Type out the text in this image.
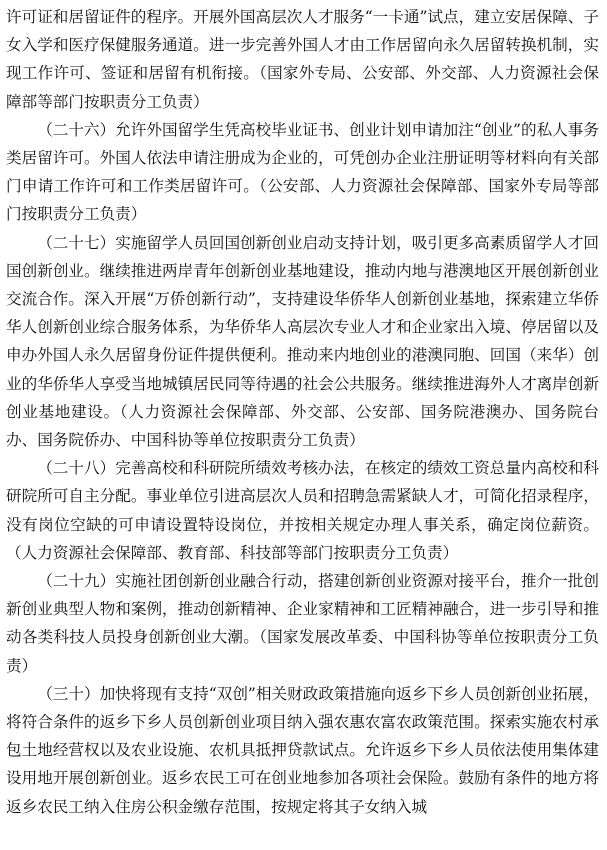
许可证和居留证件的程序。开展外国高层次人才服务“一卡通”试点，建立安居保障、子女入学和医疗保健服务通道。进一步完善外国人才由工作居留向永久居留转换机制，实现工作许可、签证和居留有机衔接。（国家外专局、公安部、外交部、人力资源社会保障部等部门按职责分工负责）

（二十六）允许外国留学生凭高校毕业证书、创业计划申请加注“创业”的私人事务类居留许可。外国人依法申请注册成为企业的，可凭创办企业注册证明等材料向有关部门申请工作许可和工作类居留许可。（公安部、人力资源社会保障部、国家外专局等部门按职责分工负责）

（二十七）实施留学人员回国创新创业启动支持计划，吸引更多高素质留学人才回国创新创业。继续推进两岸青年创新创业基地建设，推动内地与港澳地区开展创新创业交流合作。深入开展“万侨创新行动”，支持建设华侨华人创新创业基地，探索建立华侨华人创新创业综合服务体系，为华侨华人高层次专业人才和企业家出入境、停居留以及申办外国人永久居留身份证件提供便利。推动来内地创业的港澳同胞、回国（来华）创业的华侨华人享受当地城镇居民同等待遇的社会公共服务。继续推进海外人才离岸创新创业基地建设。（人力资源社会保障部、外交部、公安部、国务院港澳办、国务院台办、国务院侨办、中国科协等单位按职责分工负责）

（二十八）完善高校和科研院所绩效考核办法，在核定的绩效工资总量内高校和科研院所可自主分配。事业单位引进高层次人员和招聘急需紧缺人才，可简化招录程序，没有岗位空缺的可申请设置特设岗位，并按相关规定办理人事关系，确定岗位薪资。（人力资源社会保障部、教育部、科技部等部门按职责分工负责）

（二十九）实施社团创新创业融合行动，搭建创新创业资源对接平台，推介一批创新创业典型人物和案例，推动创新精神、企业家精神和工匠精神融合，进一步引导和推动各类科技人员投身创新创业大潮。（国家发展改革委、中国科协等单位按职责分工负责）

（三十）加快将现有支持“双创”相关财政政策措施向返乡下乡人员创新创业拓展，将符合条件的返乡下乡人员创新创业项目纳入强农惠农富农政策范围。探索实施农村承包土地经营权以及农业设施、农机具抵押贷款试点。允许返乡下乡人员依法使用集体建设用地开展创新创业。返乡农民工可在创业地参加各项社会保险。鼓励有条件的地方将返乡农民工纳入住房公积金缴存范围，按规定将其子女纳入城
